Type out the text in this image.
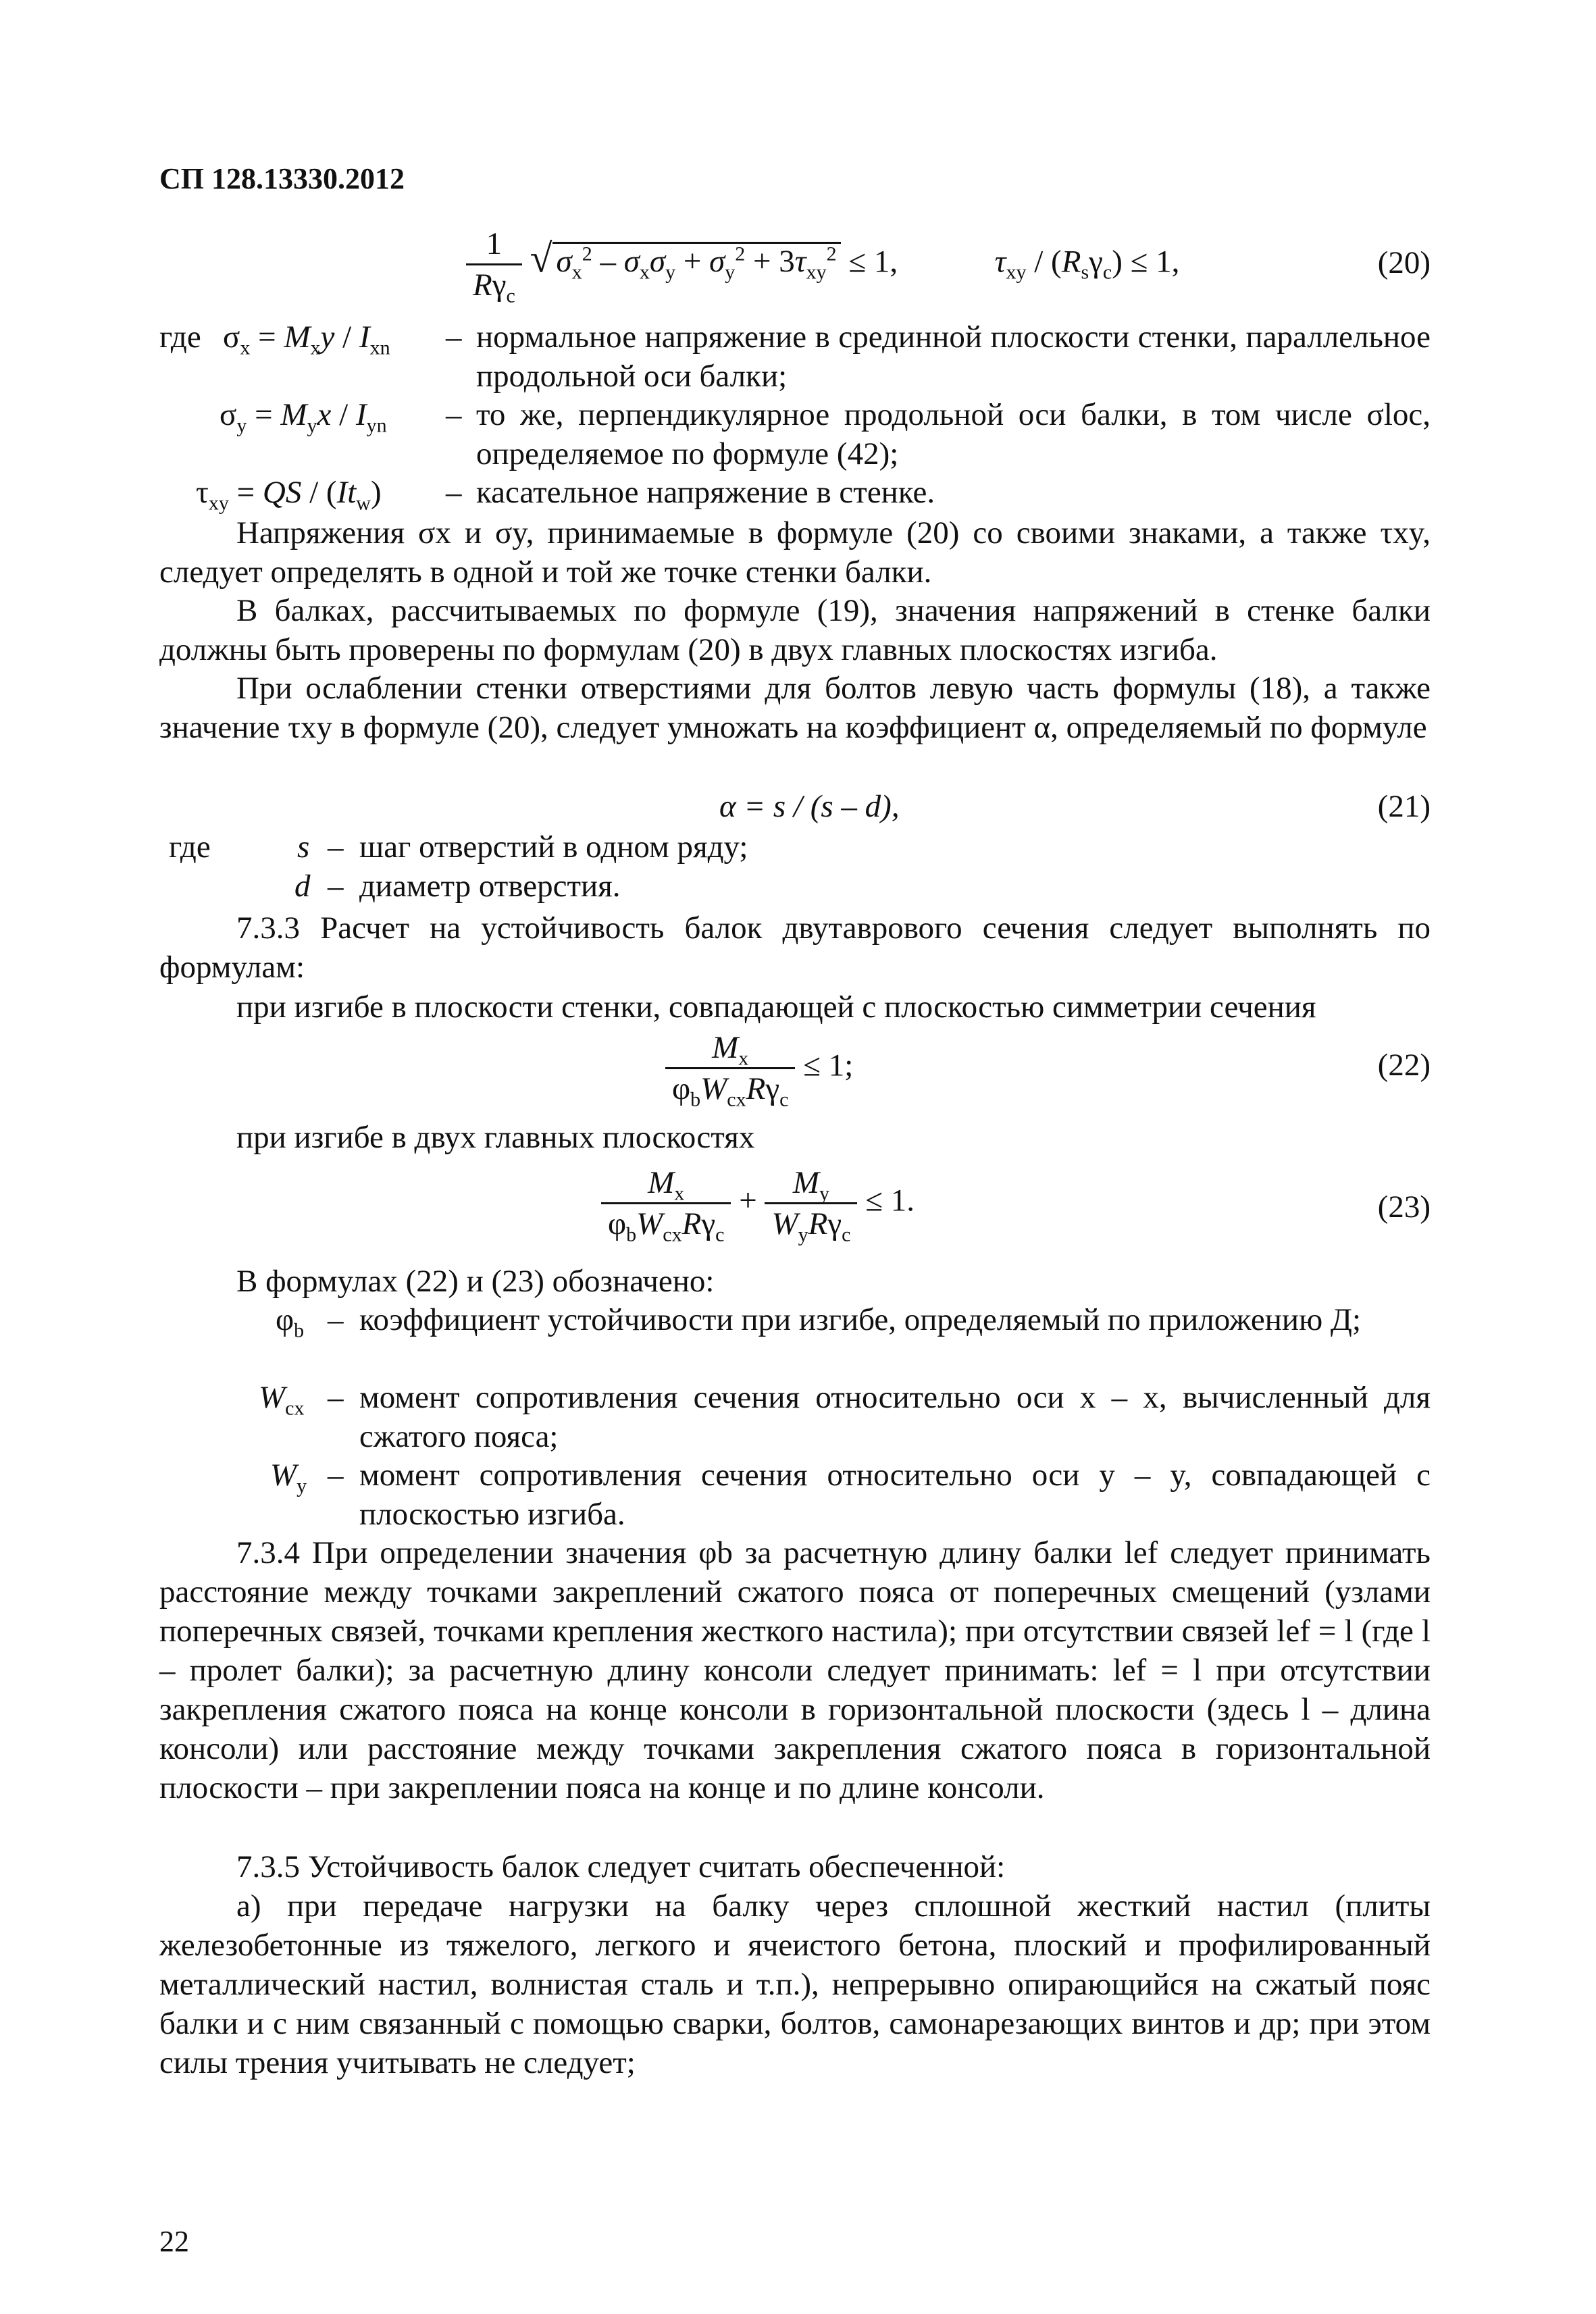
СП 128.13330.2012
$\frac{1}{R\gamma_c}$ √ $\sigma_x^2 - \sigma_x\sigma_y + \sigma_y^2 + 3\tau_{xy}^2 \le 1$,	$\tau_{xy} / (R_s\gamma_c) \le 1$,	(20)
где $\sigma_x = M_xy / I_{xn}$ – нормальное напряжение в срединной плоскости стенки, параллельное продольной оси балки;
$\sigma_y = M_yx / I_{yn}$ – то же, перпендикулярное продольной оси балки, в том числе σloc, определяемое по формуле (42);
$\tau_{xy}$ = QS / $(It_w)$ – касательное напряжение в стенке.
Напряжения σx и σy, принимаемые в формуле (20) со своими знаками, а также τxy, следует определять в одной и той же точке стенки балки.
В балках, рассчитываемых по формуле (19), значения напряжений в стенке балки должны быть проверены по формулам (20) в двух главных плоскостях изгиба.
При ослаблении стенки отверстиями для болтов левую часть формулы (18), а также значение τxy в формуле (20), следует умножать на коэффициент α, определяемый по формуле
α = s / (s – d),	(21)
где	s – шаг отверстий в одном ряду;
d – диаметр отверстия.
7.3.3 Расчет на устойчивость балок двутаврового сечения следует выполнять по формулам:
при изгибе в плоскости стенки, совпадающей с плоскостью симметрии сечения
$\frac{M_x}{\varphi_bW_{cx}R\gamma_c} \le 1$;	(22)
при изгибе в двух главных плоскостях
$\frac{M_x}{\varphi_bW_{cx}R\gamma_c} + \frac{M_y}{W_yR\gamma_c} \le 1$.	(23)
В формулах (22) и (23) обозначено:
$\varphi_b$ – коэффициент устойчивости при изгибе, определяемый по приложению Д;
$W_{cx}$ – момент сопротивления сечения относительно оси x – x, вычисленный для сжатого пояса;
$W_y$ – момент сопротивления сечения относительно оси y – y, совпадающей с плоскостью изгиба.
7.3.4 При определении значения φb за расчетную длину балки lef следует принимать расстояние между точками закреплений сжатого пояса от поперечных смещений (узлами поперечных связей, точками крепления жесткого настила); при отсутствии связей lef = l (где l – пролет балки); за расчетную длину консоли следует принимать: lef = l при отсутствии закрепления сжатого пояса на конце консоли в горизонтальной плоскости (здесь l – длина консоли) или расстояние между точками закрепления сжатого пояса в горизонтальной плоскости – при закреплении пояса на конце и по длине консоли.
7.3.5 Устойчивость балок следует считать обеспеченной:
а) при передаче нагрузки на балку через сплошной жесткий настил (плиты железобетонные из тяжелого, легкого и ячеистого бетона, плоский и профилированный металлический настил, волнистая сталь и т.п.), непрерывно опирающийся на сжатый пояс балки и с ним связанный с помощью сварки, болтов, самонарезающих винтов и др; при этом силы трения учитывать не следует;
22
